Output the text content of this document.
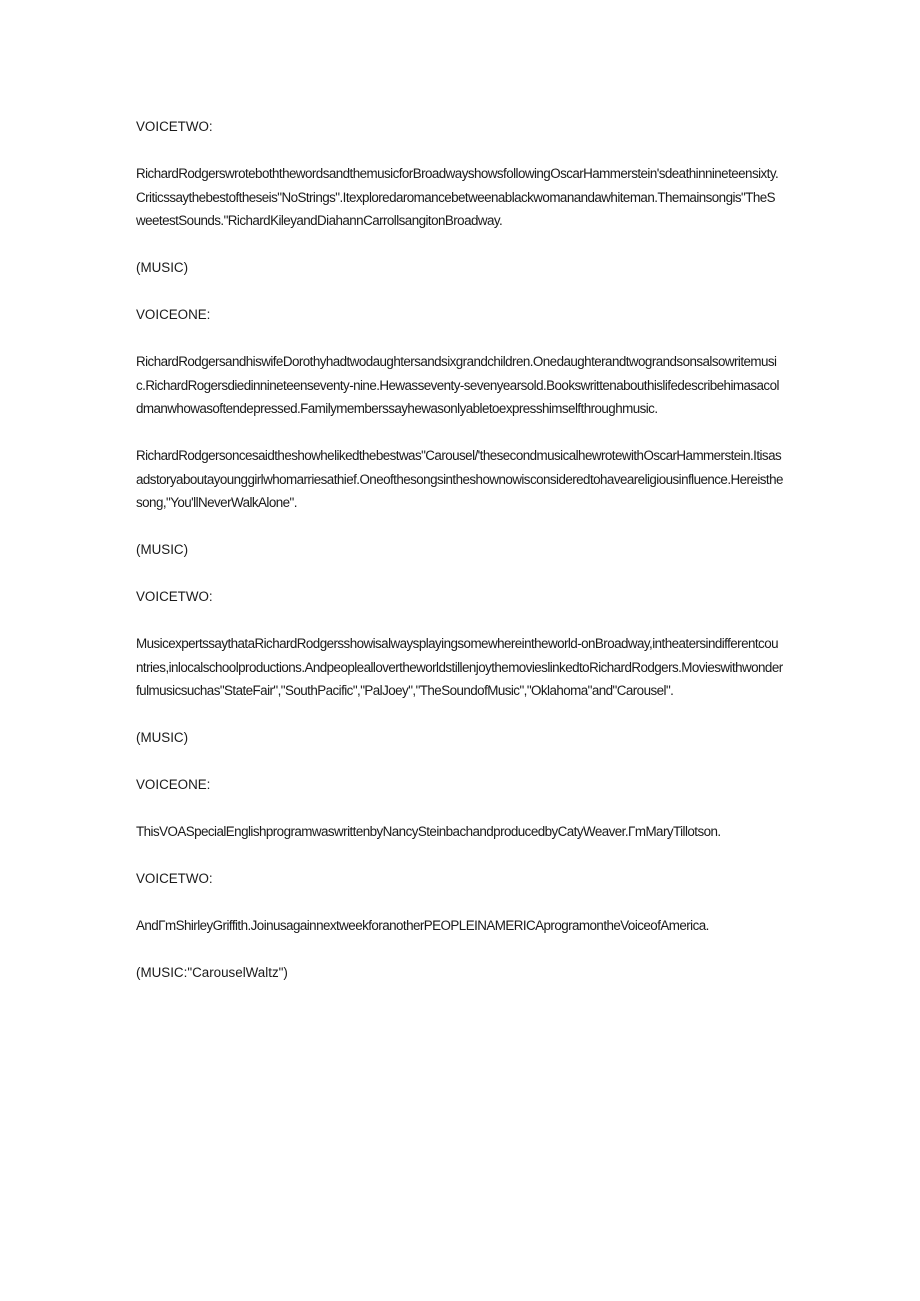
VOICETWO:

RichardRodgerswrotebothth​ewordsandthemusicforBroadwayshowsfollowingOscarHammerstein'sdeathinnineteensixty.Criticssaythebestoftheseis"NoStrings".Itexploredaromancebetweenablackwomanandawhiteman.Themainsongis"TheSweetestSounds."RichardKileyandDiahannCarrollsangitonBroadway.

(MUSIC)

VOICEONE:

RichardRodgersandhiswifeDorothyhadtwodaughtersandsixgrandchildren.Onedaughterandtwograndsonsalsowritemusic.RichardRogersdiedinnineteenseventy-nine.Hewasseventy-sevenyearsold.Bookswrittenabouthislifedescribehimasacoldmanwhowasoftendepressed.Familymemberssayhewasonlyabletoexpresshimselfthroughmusic.

RichardRodgersoncesaidtheshowhelikedthebestwas"Carousel/'thesecondmusicalhewrotewithOscarHammerstein.Itisasadstoryaboutayounggirlwhomarriesathief.Oneofthesongsintheshownowisconsideredtohaveareligiousinfluence.Hereisthesong,"You'llNeverWalkAlone".

(MUSIC)

VOICETWO:

MusicexpertssaythataRichardRodgersshowisalwaysplayingsomewhereintheworld-onBroadway,intheatersindifferentcountries,inlocalschoolproductions.Andpeoplealloverthewo​rldstillenjoythemovieslinkedtoRichardRodgers.Movieswithwonderfulmusicsuchas"StateFair","SouthPacific","PalJoey","TheSoundofMusic","Oklahoma"and"Carousel".

(MUSIC)

VOICEONE:

ThisVOASpecialEnglishprogramwaswrittenbyNancySteinbachandproducedbyCatyWeaver.ΓmMaryTillotson.

VOICETWO:

AndΓmShirleyGriffith.JoinusagainnextweekforanotherPEOPLEINAMERICAprogramontheVoiceofAmerica.

(MUSIC:"CarouselWaltz")
